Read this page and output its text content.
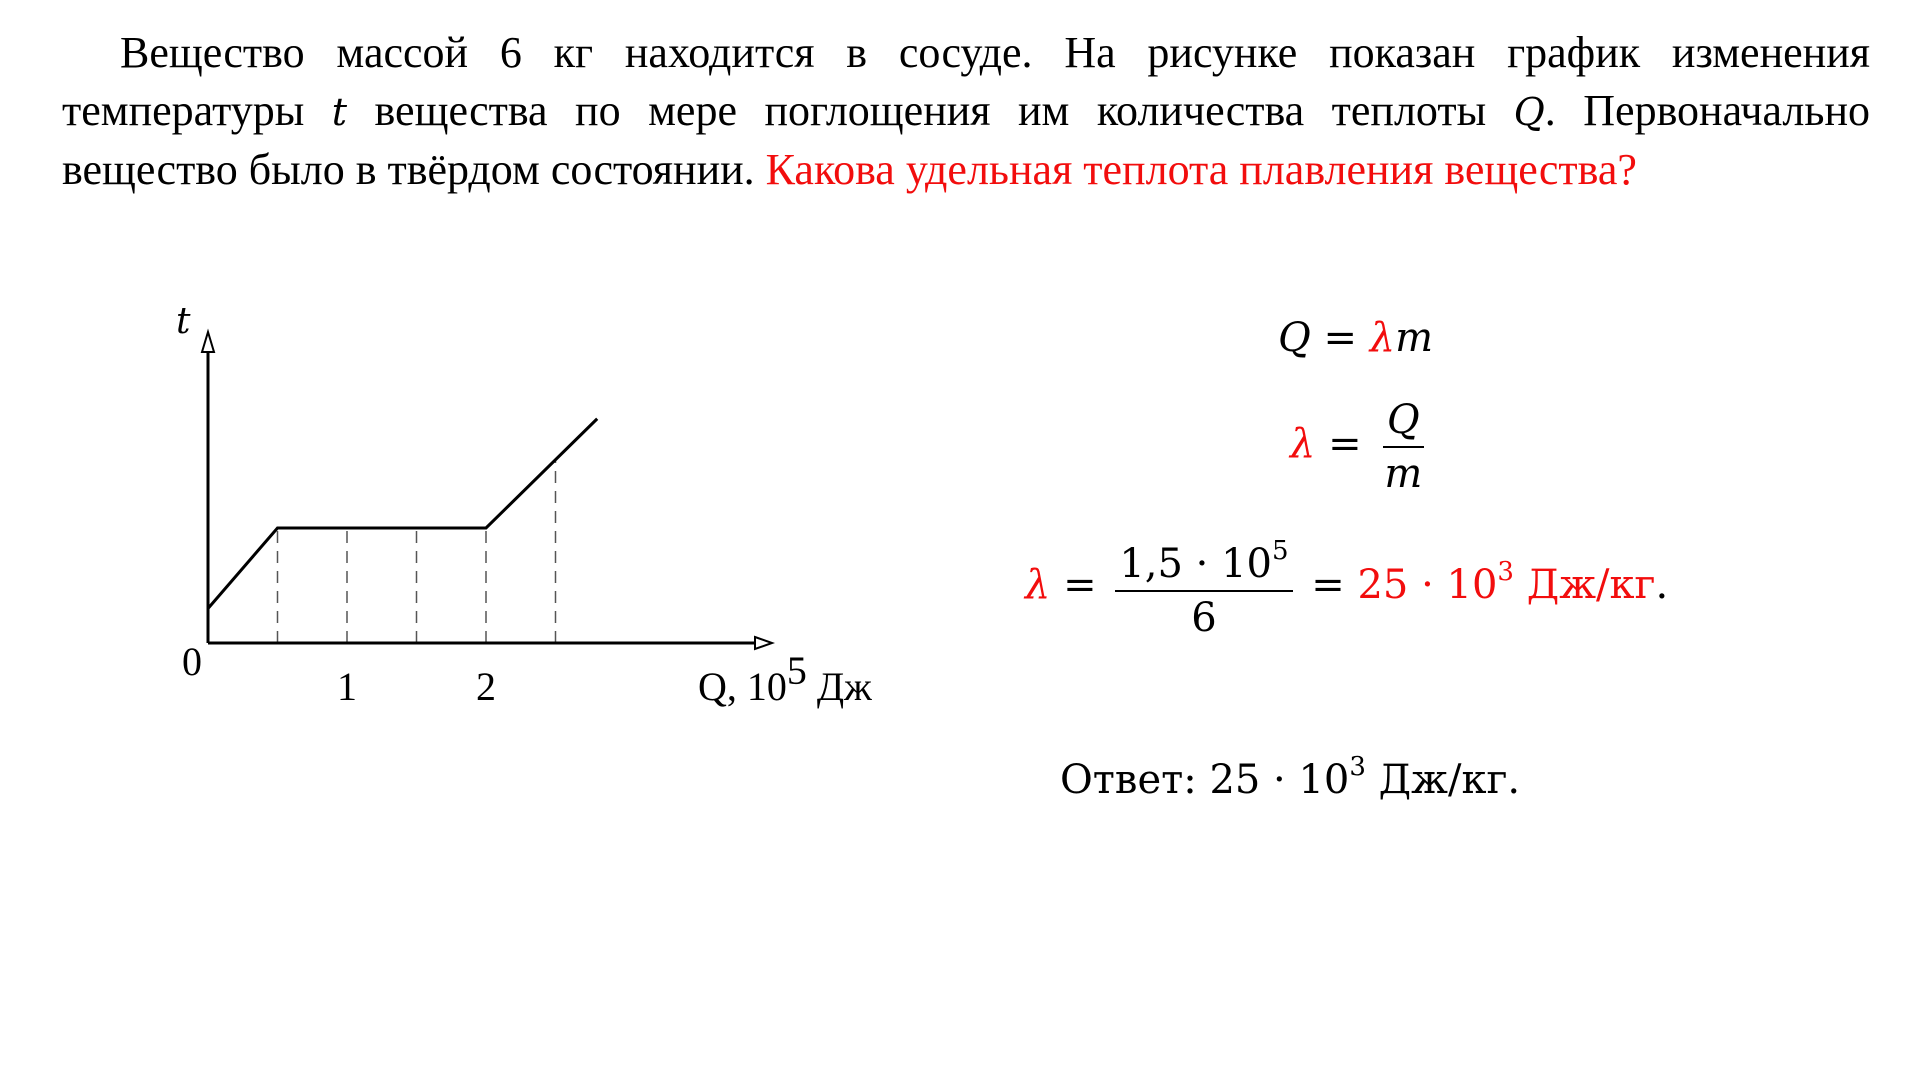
Вещество массой 6 кг находится в сосуде. На рисунке показан график изменения температуры t вещества по мере поглощения им количества теплоты Q. Первоначально вещество было в твёрдом состоянии. Какова удельная теплота плавления вещества?
t
0
1	2	Q, 105 Дж
Q = λm
$\lambda = \frac{Q}{m}$
$\lambda = \frac{1,5 \cdot 10^5}{6} = 25 \cdot 10^3$ Дж/кг.
Ответ: $25 \cdot 10^3$ Дж/кг.
